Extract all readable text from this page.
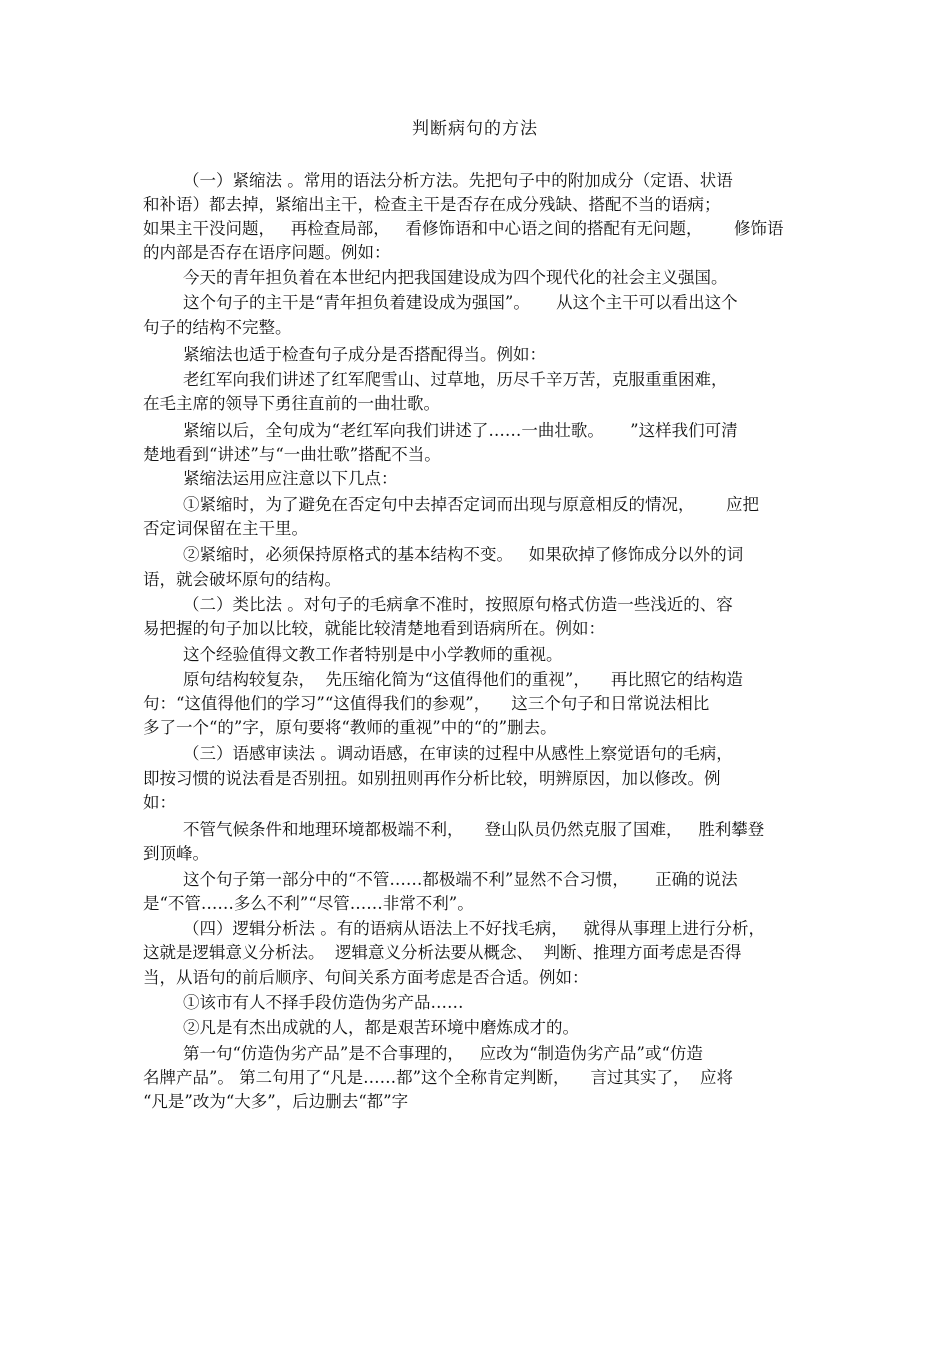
判断病句的方法
（一）紧缩法 。常用的语法分析方法。先把句子中的附加成分（定语、状语
和补语）都去掉，紧缩出主干，检查主干是否存在成分残缺、搭配不当的语病；
如果主干没问题，   再检查局部，   看修饰语和中心语之间的搭配有无问题，      修饰语
的内部是否存在语序问题。例如：
今天的青年担负着在本世纪内把我国建设成为四个现代化的社会主义强国。
这个句子的主干是“青年担负着建设成为强国”。     从这个主干可以看出这个
句子的结构不完整。
紧缩法也适于检查句子成分是否搭配得当。例如：
老红军向我们讲述了红军爬雪山、过草地，历尽千辛万苦，克服重重困难，
在毛主席的领导下勇往直前的一曲壮歌。
紧缩以后，全句成为“老红军向我们讲述了……一曲壮歌。     ”这样我们可清
楚地看到“讲述”与“一曲壮歌”搭配不当。
紧缩法运用应注意以下几点：
①紧缩时，为了避免在否定句中去掉否定词而出现与原意相反的情况，      应把
否定词保留在主干里。
②紧缩时，必须保持原格式的基本结构不变。   如果砍掉了修饰成分以外的词
语，就会破坏原句的结构。
（二）类比法 。对句子的毛病拿不准时，按照原句格式仿造一些浅近的、容
易把握的句子加以比较，就能比较清楚地看到语病所在。例如：
这个经验值得文教工作者特别是中小学教师的重视。
原句结构较复杂，  先压缩化简为“这值得他们的重视”，    再比照它的结构造
句：“这值得他们的学习”“这值得我们的参观”，    这三个句子和日常说法相比
多了一个“的”字，原句要将“教师的重视”中的“的”删去。
（三）语感审读法 。调动语感，在审读的过程中从感性上察觉语句的毛病，
即按习惯的说法看是否别扭。如别扭则再作分析比较，明辨原因，加以修改。例
如：
不管气候条件和地理环境都极端不利，    登山队员仍然克服了国难，   胜利攀登
到顶峰。
这个句子第一部分中的“不管……都极端不利”显然不合习惯，     正确的说法
是“不管……多么不利”“尽管……非常不利”。
（四）逻辑分析法 。有的语病从语法上不好找毛病，   就得从事理上进行分析，
这就是逻辑意义分析法。  逻辑意义分析法要从概念、  判断、推理方面考虑是否得
当，从语句的前后顺序、句间关系方面考虑是否合适。例如：
①该市有人不择手段仿造伪劣产品……
②凡是有杰出成就的人，都是艰苦环境中磨炼成才的。
第一句“仿造伪劣产品”是不合事理的，   应改为“制造伪劣产品”或“仿造
名牌产品”。 第二句用了“凡是……都”这个全称肯定判断，    言过其实了，  应将
“凡是”改为“大多”，后边删去“都”字
